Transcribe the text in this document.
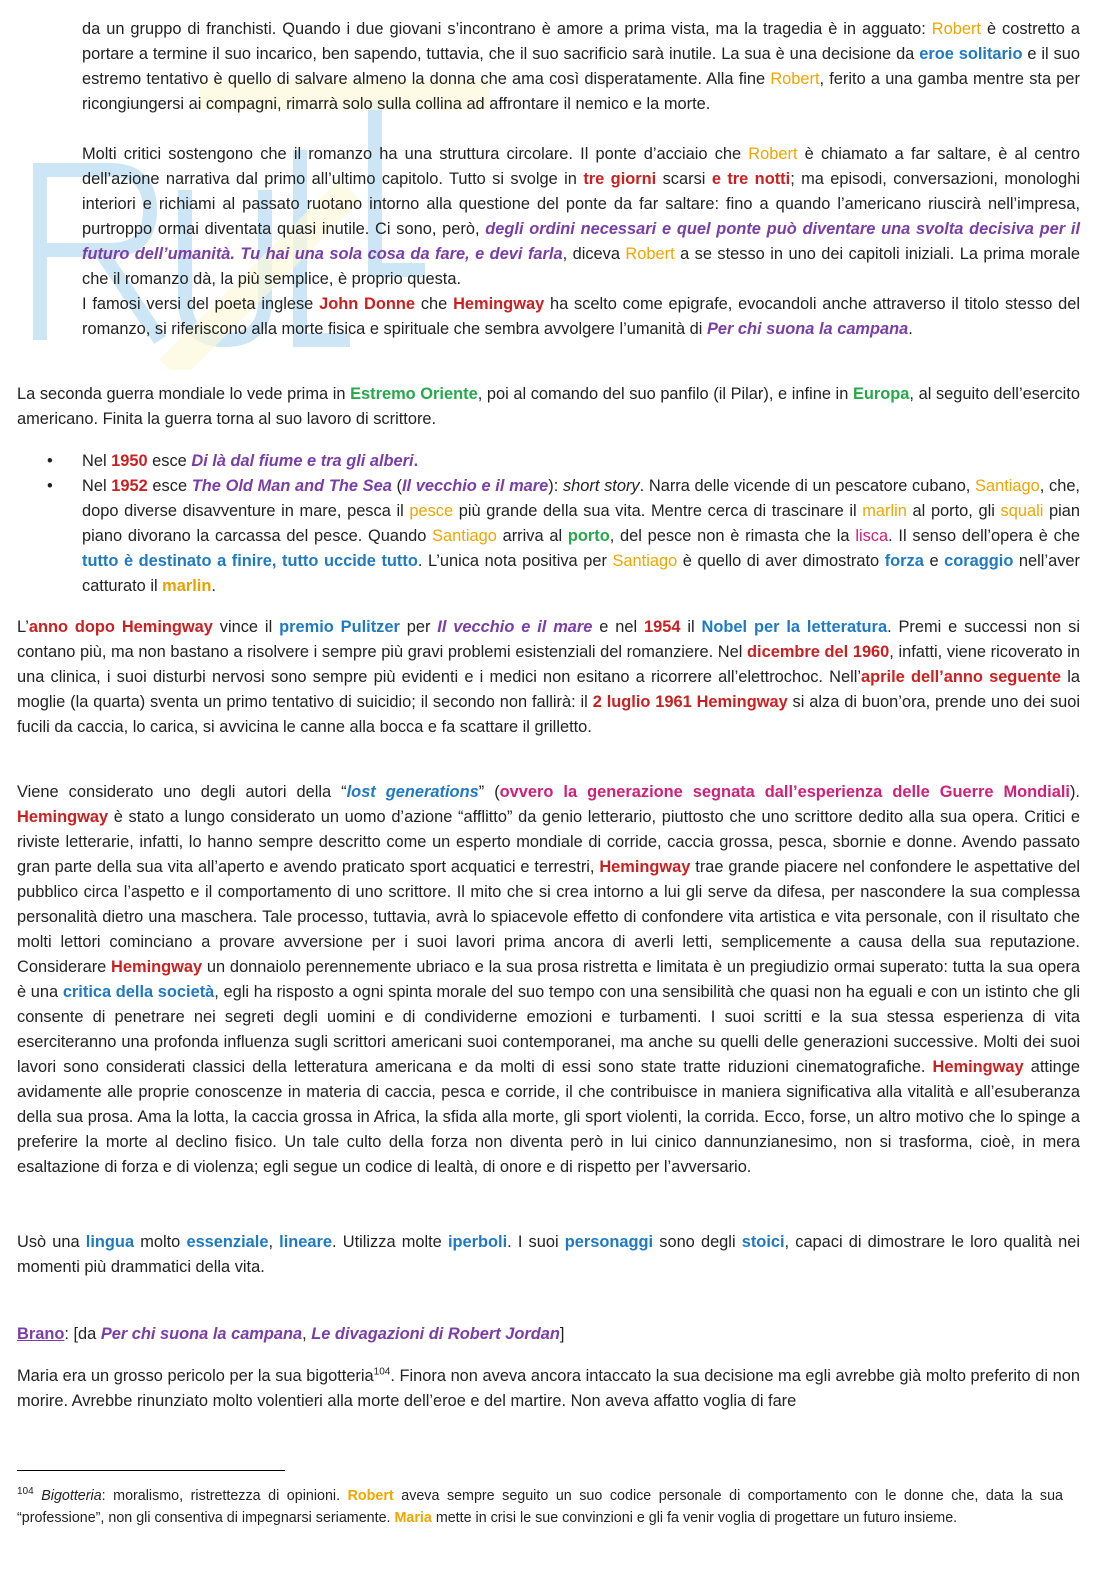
da un gruppo di franchisti. Quando i due giovani s’incontrano è amore a prima vista, ma la tragedia è in agguato: Robert è costretto a portare a termine il suo incarico, ben sapendo, tuttavia, che il suo sacrificio sarà inutile. La sua è una decisione da eroe solitario e il suo estremo tentativo è quello di salvare almeno la donna che ama così disperatamente. Alla fine Robert, ferito a una gamba mentre sta per ricongiungersi ai compagni, rimarrà solo sulla collina ad affrontare il nemico e la morte.

Molti critici sostengono che il romanzo ha una struttura circolare. Il ponte d’acciaio che Robert è chiamato a far saltare, è al centro dell’azione narrativa dal primo all’ultimo capitolo. Tutto si svolge in tre giorni scarsi e tre notti; ma episodi, conversazioni, monologhi interiori e richiami al passato ruotano intorno alla questione del ponte da far saltare: fino a quando l’americano riuscirà nell’impresa, purtroppo ormai diventata quasi inutile. Ci sono, però, degli ordini necessari e quel ponte può diventare una svolta decisiva per il futuro dell’umanità. Tu hai una sola cosa da fare, e devi farla, diceva Robert a se stesso in uno dei capitoli iniziali. La prima morale che il romanzo dà, la più semplice, è proprio questa.

I famosi versi del poeta inglese John Donne che Hemingway ha scelto come epigrafe, evocandoli anche attraverso il titolo stesso del romanzo, si riferiscono alla morte fisica e spirituale che sembra avvolgere l’umanità di Per chi suona la campana.

La seconda guerra mondiale lo vede prima in Estremo Oriente, poi al comando del suo panfilo (il Pilar), e infine in Europa, al seguito dell’esercito americano. Finita la guerra torna al suo lavoro di scrittore.

• Nel 1950 esce Di là dal fiume e tra gli alberi.
• Nel 1952 esce The Old Man and The Sea (Il vecchio e il mare): short story. Narra delle vicende di un pescatore cubano, Santiago, che, dopo diverse disavventure in mare, pesca il pesce più grande della sua vita. Mentre cerca di trascinare il marlin al porto, gli squali pian piano divorano la carcassa del pesce. Quando Santiago arriva al porto, del pesce non è rimasta che la lisca. Il senso dell’opera è che tutto è destinato a finire, tutto uccide tutto. L’unica nota positiva per Santiago è quello di aver dimostrato forza e coraggio nell’aver catturato il marlin.

L’anno dopo Hemingway vince il premio Pulitzer per Il vecchio e il mare e nel 1954 il Nobel per la letteratura. Premi e successi non si contano più, ma non bastano a risolvere i sempre più gravi problemi esistenziali del romanziere. Nel dicembre del 1960, infatti, viene ricoverato in una clinica, i suoi disturbi nervosi sono sempre più evidenti e i medici non esitano a ricorrere all’elettrochoc. Nell’aprile dell’anno seguente la moglie (la quarta) sventa un primo tentativo di suicidio; il secondo non fallirà: il 2 luglio 1961 Hemingway si alza di buon’ora, prende uno dei suoi fucili da caccia, lo carica, si avvicina le canne alla bocca e fa scattare il grilletto.

Viene considerato uno degli autori della “lost generations” (ovvero la generazione segnata dall’esperienza delle Guerre Mondiali). Hemingway è stato a lungo considerato un uomo d’azione “afflitto” da genio letterario, piuttosto che uno scrittore dedito alla sua opera. Critici e riviste letterarie, infatti, lo hanno sempre descritto come un esperto mondiale di corride, caccia grossa, pesca, sbornie e donne. Avendo passato gran parte della sua vita all’aperto e avendo praticato sport acquatici e terrestri, Hemingway trae grande piacere nel confondere le aspettative del pubblico circa l’aspetto e il comportamento di uno scrittore. Il mito che si crea intorno a lui gli serve da difesa, per nascondere la sua complessa personalità dietro una maschera. Tale processo, tuttavia, avrà lo spiacevole effetto di confondere vita artistica e vita personale, con il risultato che molti lettori cominciano a provare avversione per i suoi lavori prima ancora di averli letti, semplicemente a causa della sua reputazione. Considerare Hemingway un donnaiolo perennemente ubriaco e la sua prosa ristretta e limitata è un pregiudizio ormai superato: tutta la sua opera è una critica della società, egli ha risposto a ogni spinta morale del suo tempo con una sensibilità che quasi non ha eguali e con un istinto che gli consente di penetrare nei segreti degli uomini e di condividerne emozioni e turbamenti. I suoi scritti e la sua stessa esperienza di vita eserciteranno una profonda influenza sugli scrittori americani suoi contemporanei, ma anche su quelli delle generazioni successive. Molti dei suoi lavori sono considerati classici della letteratura americana e da molti di essi sono state tratte riduzioni cinematografiche. Hemingway attinge avidamente alle proprie conoscenze in materia di caccia, pesca e corride, il che contribuisce in maniera significativa alla vitalità e all’esuberanza della sua prosa. Ama la lotta, la caccia grossa in Africa, la sfida alla morte, gli sport violenti, la corrida. Ecco, forse, un altro motivo che lo spinge a preferire la morte al declino fisico. Un tale culto della forza non diventa però in lui cinico dannunzianesimo, non si trasforma, cioè, in mera esaltazione di forza e di violenza; egli segue un codice di lealtà, di onore e di rispetto per l’avversario.

Usò una lingua molto essenziale, lineare. Utilizza molte iperboli. I suoi personaggi sono degli stoici, capaci di dimostrare le loro qualità nei momenti più drammatici della vita.

Brano: [da Per chi suona la campana, Le divagazioni di Robert Jordan]

Maria era un grosso pericolo per la sua bigotteria$^{104}$. Finora non aveva ancora intaccato la sua decisione ma egli avrebbe già molto preferito di non morire. Avrebbe rinunziato molto volentieri alla morte dell’eroe e del martire. Non aveva affatto voglia di fare

$^{104}$ Bigotteria: moralismo, ristrettezza di opinioni. Robert aveva sempre seguito un suo codice personale di comportamento con le donne che, data la sua “professione”, non gli consentiva di impegnarsi seriamente. Maria mette in crisi le sue convinzioni e gli fa venir voglia di progettare un futuro insieme.
